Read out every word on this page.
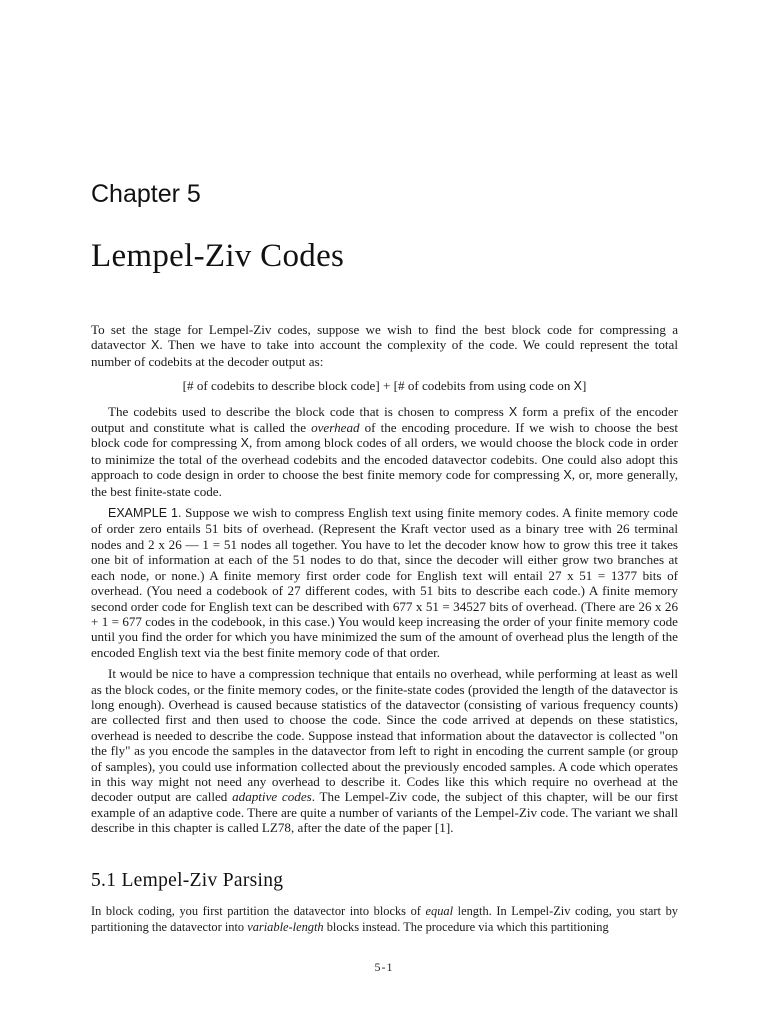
Chapter 5
Lempel-Ziv Codes

To set the stage for Lempel-Ziv codes, suppose we wish to find the best block code for compressing a datavector X. Then we have to take into account the complexity of the code. We could represent the total number of codebits at the decoder output as:

[# of codebits to describe block code] + [# of codebits from using code on X]

The codebits used to describe the block code that is chosen to compress X form a prefix of the encoder output and constitute what is called the overhead of the encoding procedure. If we wish to choose the best block code for compressing X, from among block codes of all orders, we would choose the block code in order to minimize the total of the overhead codebits and the encoded datavector codebits. One could also adopt this approach to code design in order to choose the best finite memory code for compressing X, or, more generally, the best finite-state code.

EXAMPLE 1. Suppose we wish to compress English text using finite memory codes. A finite memory code of order zero entails 51 bits of overhead. (Represent the Kraft vector used as a binary tree with 26 terminal nodes and 2 x 26 — 1 = 51 nodes all together. You have to let the decoder know how to grow this tree it takes one bit of information at each of the 51 nodes to do that, since the decoder will either grow two branches at each node, or none.) A finite memory first order code for English text will entail 27 x 51 = 1377 bits of overhead. (You need a codebook of 27 different codes, with 51 bits to describe each code.) A finite memory second order code for English text can be described with 677 x 51 = 34527 bits of overhead. (There are 26 x 26 + 1 = 677 codes in the codebook, in this case.) You would keep increasing the order of your finite memory code until you find the order for which you have minimized the sum of the amount of overhead plus the length of the encoded English text via the best finite memory code of that order.

It would be nice to have a compression technique that entails no overhead, while performing at least as well as the block codes, or the finite memory codes, or the finite-state codes (provided the length of the datavector is long enough). Overhead is caused because statistics of the datavector (consisting of various frequency counts) are collected first and then used to choose the code. Since the code arrived at depends on these statistics, overhead is needed to describe the code. Suppose instead that information about the datavector is collected "on the fly" as you encode the samples in the datavector from left to right in encoding the current sample (or group of samples), you could use information collected about the previously encoded samples. A code which operates in this way might not need any overhead to describe it. Codes like this which require no overhead at the decoder output are called adaptive codes. The Lempel-Ziv code, the subject of this chapter, will be our first example of an adaptive code. There are quite a number of variants of the Lempel-Ziv code. The variant we shall describe in this chapter is called LZ78, after the date of the paper [1].

5.1 Lempel-Ziv Parsing

In block coding, you first partition the datavector into blocks of equal length. In Lempel-Ziv coding, you start by partitioning the datavector into variable-length blocks instead. The procedure via which this partitioning

5-1
